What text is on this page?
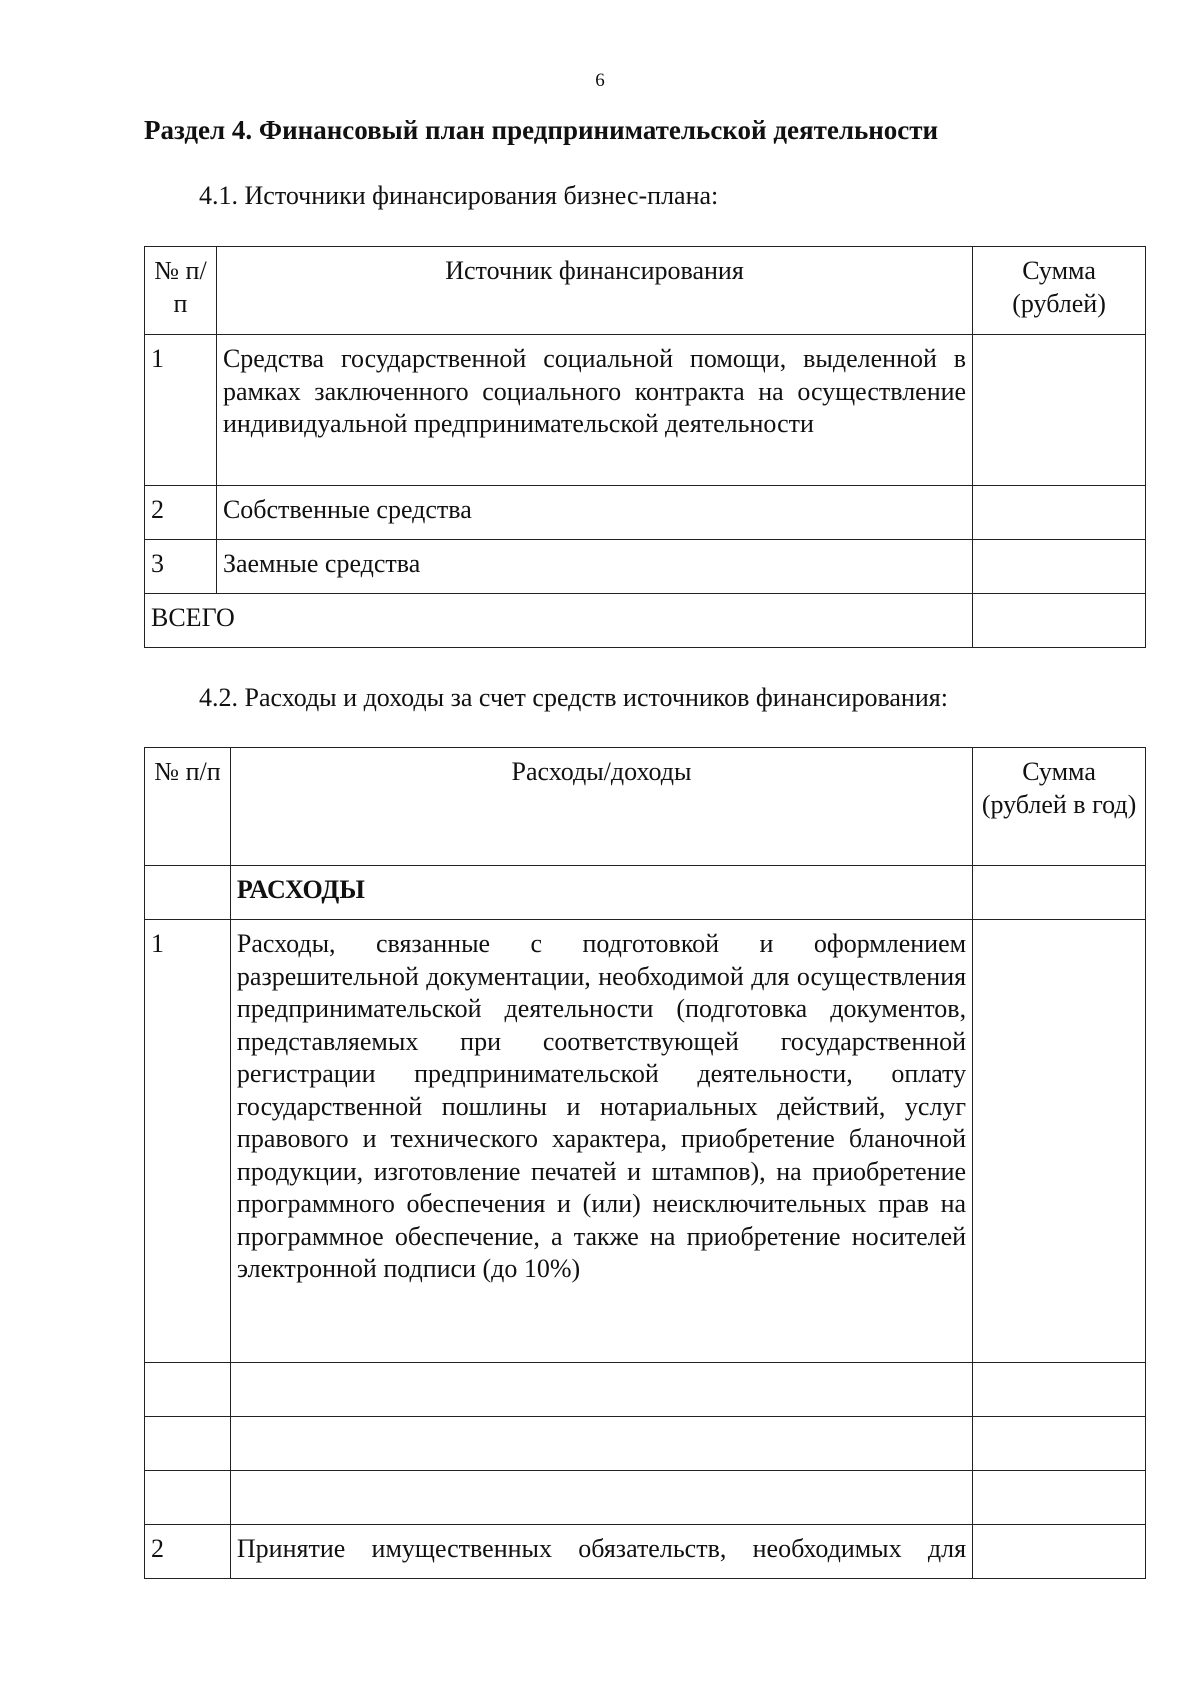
6
Раздел 4. Финансовый план предпринимательской деятельности
4.1. Источники финансирования бизнес-плана:
№ п/п	Источник финансирования	Сумма (рублей)
1	Средства государственной социальной помощи, выделенной в рамках заключенного социального контракта на осуществление индивидуальной предпринимательской деятельности	
2	Собственные средства	
3	Заемные средства	
ВСЕГО		
4.2. Расходы и доходы за счет средств источников финансирования:
№ п/п	Расходы/доходы	Сумма (рублей в год)
	РАСХОДЫ	
1	Расходы, связанные с подготовкой и оформлением разрешительной документации, необходимой для осуществления предпринимательской деятельности (подготовка документов, представляемых при соответствующей государственной регистрации предпринимательской деятельности, оплату государственной пошлины и нотариальных действий, услуг правового и технического характера, приобретение бланочной продукции, изготовление печатей и штампов), на приобретение программного обеспечения и (или) неисключительных прав на программное обеспечение, а также на приобретение носителей электронной подписи (до 10%)	

2	Принятие имущественных обязательств, необходимых для	
